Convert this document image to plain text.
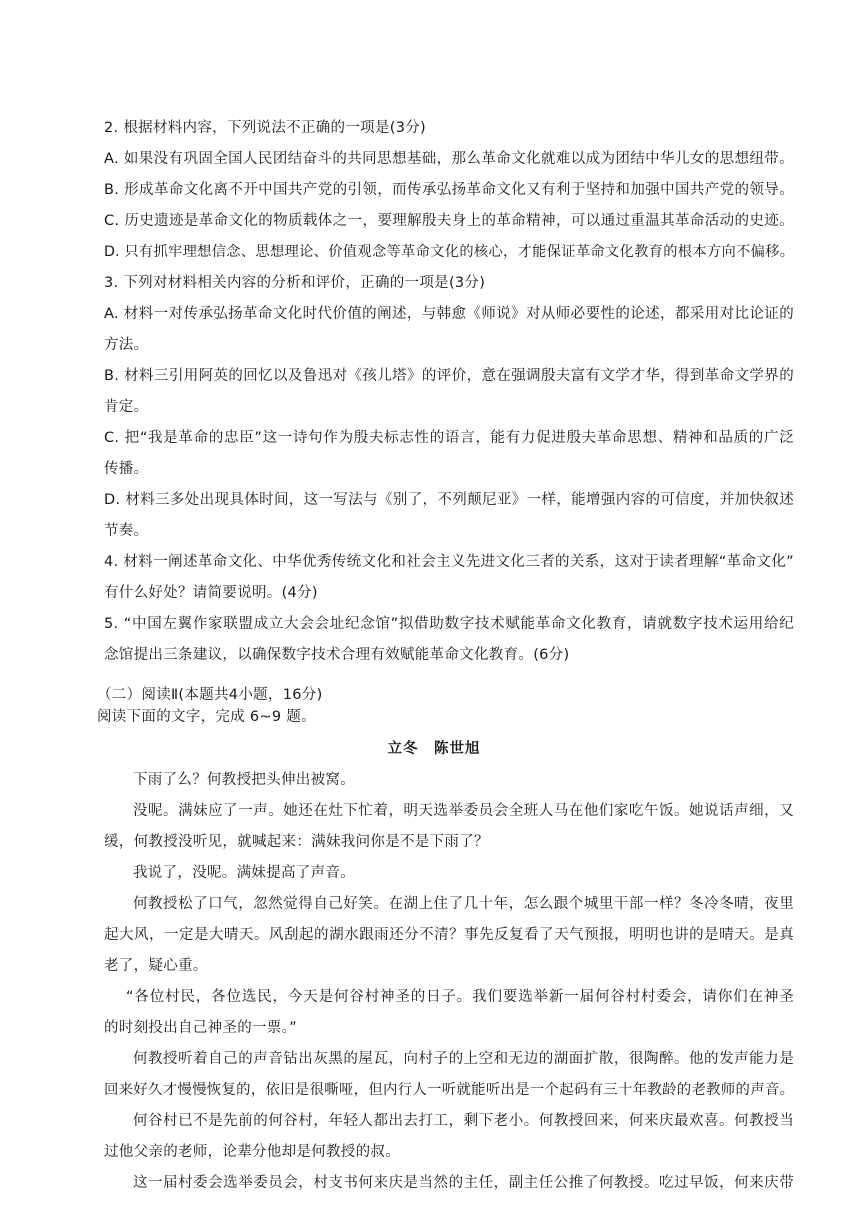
2. 根据材料内容，下列说法不正确的一项是(3分)
A. 如果没有巩固全国人民团结奋斗的共同思想基础，那么革命文化就难以成为团结中华儿女的思想纽带。
B. 形成革命文化离不开中国共产党的引领，而传承弘扬革命文化又有利于坚持和加强中国共产党的领导。
C. 历史遗迹是革命文化的物质载体之一，要理解殷夫身上的革命精神，可以通过重温其革命活动的史迹。
D. 只有抓牢理想信念、思想理论、价值观念等革命文化的核心，才能保证革命文化教育的根本方向不偏移。
3. 下列对材料相关内容的分析和评价，正确的一项是(3分)
A. 材料一对传承弘扬革命文化时代价值的阐述，与韩愈《师说》对从师必要性的论述，都采用对比论证的
方法。
B. 材料三引用阿英的回忆以及鲁迅对《孩儿塔》的评价，意在强调殷夫富有文学才华，得到革命文学界的
肯定。
C. 把“我是革命的忠臣”这一诗句作为殷夫标志性的语言，能有力促进殷夫革命思想、精神和品质的广泛
传播。
D. 材料三多处出现具体时间，这一写法与《别了，不列颠尼亚》一样，能增强内容的可信度，并加快叙述
节奏。
4. 材料一阐述革命文化、中华优秀传统文化和社会主义先进文化三者的关系，这对于读者理解“革命文化”
有什么好处？请简要说明。(4分)
5. “中国左翼作家联盟成立大会会址纪念馆”拟借助数字技术赋能革命文化教育，请就数字技术运用给纪
念馆提出三条建议，以确保数字技术合理有效赋能革命文化教育。(6分)
（二）阅读Ⅱ(本题共4小题，16分)
阅读下面的文字，完成 6~9 题。
立冬　陈世旭
下雨了么？何教授把头伸出被窝。
没呢。满妹应了一声。她还在灶下忙着，明天选举委员会全班人马在他们家吃午饭。她说话声细，又
缓，何教授没听见，就喊起来：满妹我问你是不是下雨了？
我说了，没呢。满妹提高了声音。
何教授松了口气，忽然觉得自己好笑。在湖上住了几十年，怎么跟个城里干部一样？冬冷冬晴，夜里
起大风，一定是大晴天。风刮起的湖水跟雨还分不清？事先反复看了天气预报，明明也讲的是晴天。是真
老了，疑心重。
“各位村民，各位选民，今天是何谷村神圣的日子。我们要选举新一届何谷村村委会，请你们在神圣
的时刻投出自己神圣的一票。”
何教授听着自己的声音钻出灰黑的屋瓦，向村子的上空和无边的湖面扩散，很陶醉。他的发声能力是
回来好久才慢慢恢复的，依旧是很嘶哑，但内行人一听就能听出是一个起码有三十年教龄的老教师的声音。
何谷村已不是先前的何谷村，年轻人都出去打工，剩下老小。何教授回来，何来庆最欢喜。何教授当
过他父亲的老师，论辈分他却是何教授的叔。
这一届村委会选举委员会，村支书何来庆是当然的主任，副主任公推了何教授。吃过早饭，何来庆带
